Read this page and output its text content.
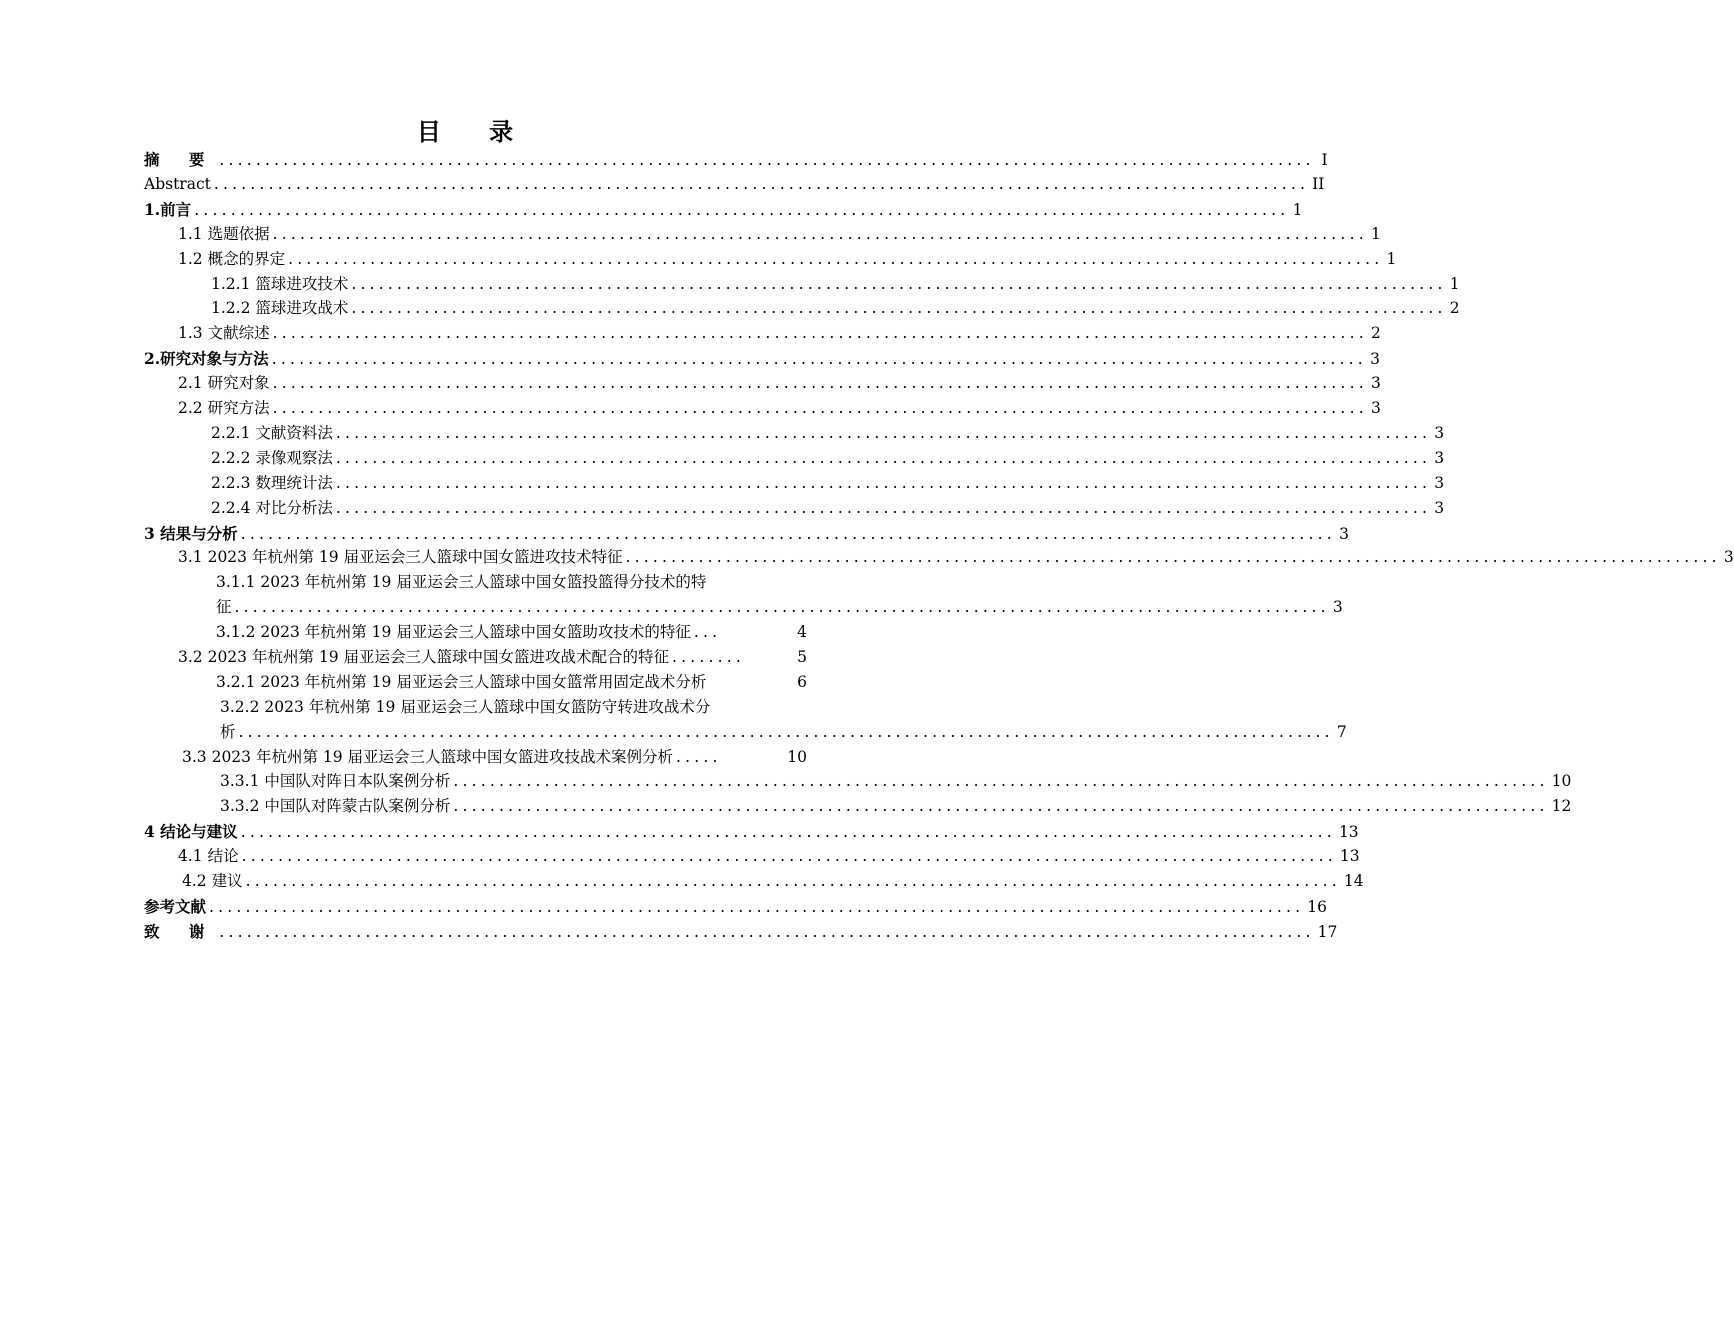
目 录
摘 要 ........................................................................................................................ I
Abstract ........................................................................................................................ II
1.前言 ........................................................................................................................ 1
1.1 选题依据 ........................................................................................................................ 1
1.2 概念的界定 ........................................................................................................................ 1
1.2.1 篮球进攻技术 ........................................................................................................................ 1
1.2.2 篮球进攻战术 ........................................................................................................................ 2
1.3 文献综述 ........................................................................................................................ 2
2.研究对象与方法 ........................................................................................................................ 3
2.1 研究对象 ........................................................................................................................ 3
2.2 研究方法 ........................................................................................................................ 3
2.2.1 文献资料法 ........................................................................................................................ 3
2.2.2 录像观察法 ........................................................................................................................ 3
2.2.3 数理统计法 ........................................................................................................................ 3
2.2.4 对比分析法 ........................................................................................................................ 3
3 结果与分析 ........................................................................................................................ 3
3.1 2023 年杭州第 19 届亚运会三人篮球中国女篮进攻技术特征 ........................................................................................................................ 3
3.1.1 2023 年杭州第 19 届亚运会三人篮球中国女篮投篮得分技术的特
征 ........................................................................................................................ 3
3.1.2 2023 年杭州第 19 届亚运会三人篮球中国女篮助攻技术的特征 ...	4
3.2 2023 年杭州第 19 届亚运会三人篮球中国女篮进攻战术配合的特征 ........	5
3.2.1 2023 年杭州第 19 届亚运会三人篮球中国女篮常用固定战术分析	6
3.2.2 2023 年杭州第 19 届亚运会三人篮球中国女篮防守转进攻战术分
析 ........................................................................................................................ 7
3.3 2023 年杭州第 19 届亚运会三人篮球中国女篮进攻技战术案例分析 .....	10
3.3.1 中国队对阵日本队案例分析 ........................................................................................................................ 10
3.3.2 中国队对阵蒙古队案例分析 ........................................................................................................................ 12
4 结论与建议 ........................................................................................................................ 13
4.1 结论 ........................................................................................................................ 13
4.2 建议 ........................................................................................................................ 14
参考文献 ........................................................................................................................ 16
致 谢 ........................................................................................................................ 17
